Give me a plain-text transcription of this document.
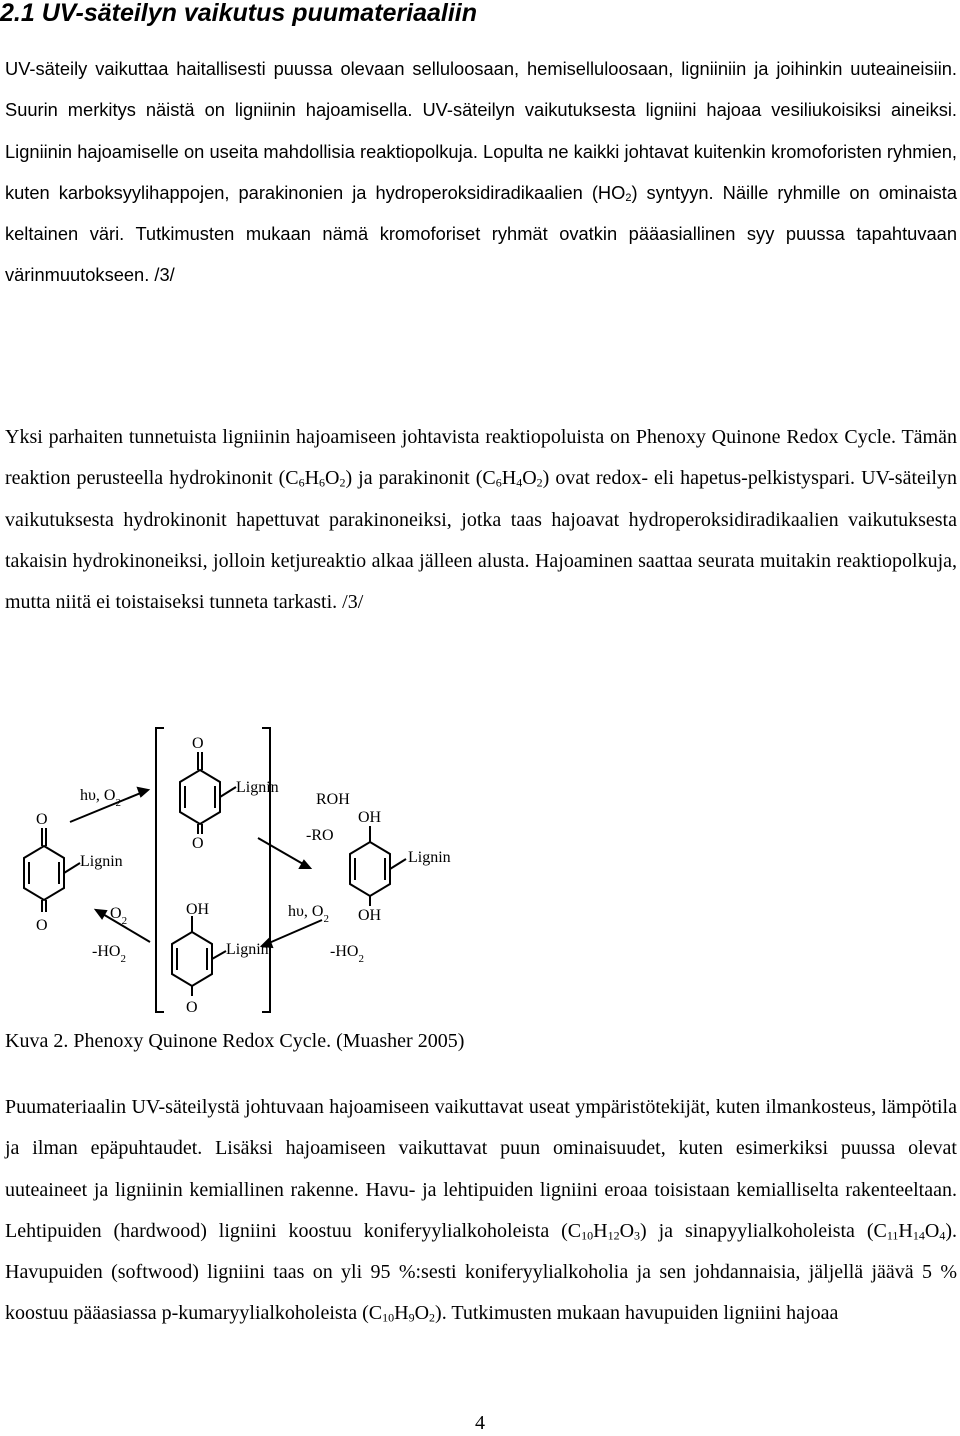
2.1 UV-säteilyn vaikutus puumateriaaliin

UV-säteily vaikuttaa haitallisesti puussa olevaan selluloosaan, hemiselluloosaan, ligniiniin ja joihinkin uuteaineisiin. Suurin merkitys näistä on ligniinin hajoamisella. UV-säteilyn vaikutuksesta ligniini hajoaa vesiliukoisiksi aineiksi. Ligniinin hajoamiselle on useita mahdollisia reaktiopolkuja. Lopulta ne kaikki johtavat kuitenkin kromoforisten ryhmien, kuten karboksyylihappojen, parakinonien ja hydroperoksidiradikaalien $(HO_2)$ syntyyn. Näille ryhmille on ominaista keltainen väri. Tutkimusten mukaan nämä kromoforiset ryhmät ovatkin pääasiallinen syy puussa tapahtuvaan värinmuutokseen. /3/

Yksi parhaiten tunnetuista ligniinin hajoamiseen johtavista reaktiopoluista on Phenoxy Quinone Redox Cycle. Tämän reaktion perusteella hydrokinonit $(C_6H_6O_2)$ ja parakinonit $(C_6H_4O_2)$ ovat redox- eli hapetus-pelkistyspari. UV-säteilyn vaikutuksesta hydrokinonit hapettuvat parakinoneiksi, jotka taas hajoavat hydroperoksidiradikaalien vaikutuksesta takaisin hydrokinoneiksi, jolloin ketjureaktio alkaa jälleen alusta. Hajoaminen saattaa seurata muitakin reaktiopolkuja, mutta niitä ei toistaiseksi tunneta tarkasti. /3/

O
O
Lignin
hυ, $O_2$
O
O
Lignin
ROH
-RO
OH
Lignin
OH
hυ, $O_2$
$-HO_2$
OH
Lignin
O
$O_2$
$-HO_2$

Kuva 2. Phenoxy Quinone Redox Cycle. (Muasher 2005)

Puumateriaalin UV-säteilystä johtuvaan hajoamiseen vaikuttavat useat ympäristötekijät, kuten ilmankosteus, lämpötila ja ilman epäpuhtaudet. Lisäksi hajoamiseen vaikuttavat puun ominaisuudet, kuten esimerkiksi puussa olevat uuteaineet ja ligniinin kemiallinen rakenne. Havu- ja lehtipuiden ligniini eroaa toisistaan kemialliselta rakenteeltaan. Lehtipuiden (hardwood) ligniini koostuu koniferyylialkoholeista $(C_{10}H_{12}O_3)$ ja sinapyylialkoholeista $(C_{11}H_{14}O_4)$. Havupuiden (softwood) ligniini taas on yli 95 %:sesti koniferyylialkoholia ja sen johdannaisia, jäljellä jäävä 5 % koostuu pääasiassa p-kumaryylialkoholeista $(C_{10}H_9O_2)$. Tutkimusten mukaan havupuiden ligniini hajoaa

4
